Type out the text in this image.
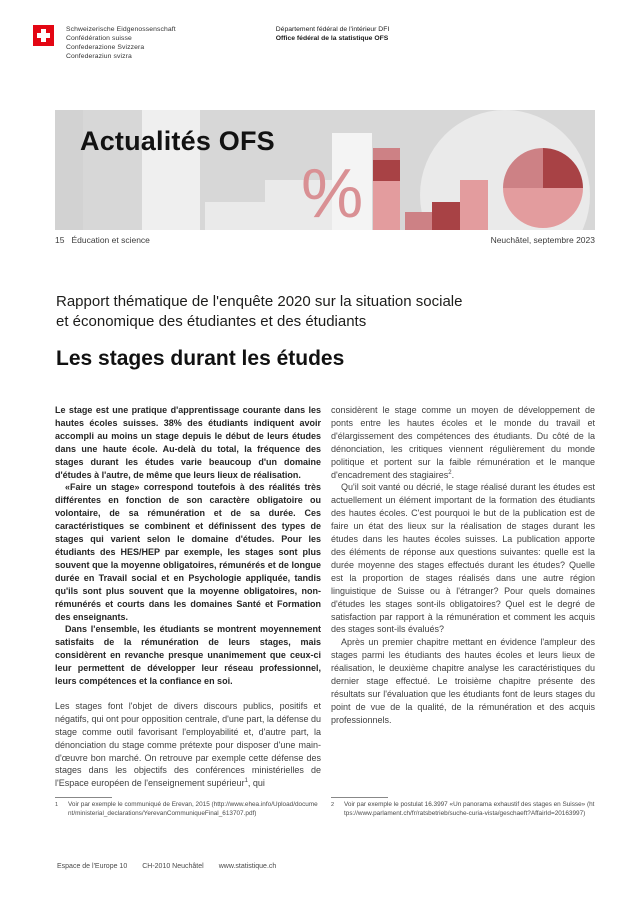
Schweizerische Eidgenossenschaft
Confédération suisse
Confederazione Svizzera
Confederaziun svizra
Département fédéral de l'intérieur DFI
Office fédéral de la statistique OFS
Actualités OFS
%
15 Éducation et science	Neuchâtel, septembre 2023
Rapport thématique de l'enquête 2020 sur la situation sociale
et économique des étudiantes et des étudiants
Les stages durant les études

Le stage est une pratique d'apprentissage courante dans les hautes écoles suisses. 38% des étudiants indiquent avoir accompli au moins un stage depuis le début de leurs études dans une haute école. Au-delà du total, la fréquence des stages durant les études varie beaucoup d'un domaine d'études à l'autre, de même que leurs lieux de réalisation.

«Faire un stage» correspond toutefois à des réalités très différentes en fonction de son caractère obligatoire ou volontaire, de sa rémunération et de sa durée. Ces caractéristiques se combinent et définissent des types de stages qui varient selon le domaine d'études. Pour les étudiants des HES/HEP par exemple, les stages sont plus souvent que la moyenne obligatoires, rémunérés et de longue durée en Travail social et en Psychologie appliquée, tandis qu'ils sont plus souvent que la moyenne obligatoires, non-rémunérés et courts dans les domaines Santé et Formation des enseignants.

Dans l'ensemble, les étudiants se montrent moyennement satisfaits de la rémunération de leurs stages, mais considèrent en revanche presque unanimement que ceux-ci leur permettent de développer leur réseau professionnel, leurs compétences et la confiance en soi.

Les stages font l'objet de divers discours publics, positifs et négatifs, qui ont pour opposition centrale, d'une part, la défense du stage comme outil favorisant l'employabilité et, d'autre part, la dénonciation du stage comme prétexte pour disposer d'une main-d'œuvre bon marché. On retrouve par exemple cette défense des stages dans les objectifs des conférences ministérielles de l'Espace européen de l'enseignement supérieur$^1$, qui

considèrent le stage comme un moyen de développement de ponts entre les hautes écoles et le monde du travail et d'élargissement des compétences des étudiants. Du côté de la dénonciation, les critiques viennent régulièrement du monde politique et portent sur la faible rémunération et le manque d'encadrement des stagiaires$^2$.

Qu'il soit vanté ou décrié, le stage réalisé durant les études est actuellement un élément important de la formation des étudiants des hautes écoles. C'est pourquoi le but de la publication est de faire un état des lieux sur la réalisation de stages durant les études dans les hautes écoles suisses. La publication apporte des éléments de réponse aux questions suivantes: quelle est la durée moyenne des stages effectués durant les études? Quelle est la proportion de stages réalisés dans une autre région linguistique de Suisse ou à l'étranger? Pour quels domaines d'études les stages sont-ils obligatoires? Quel est le degré de satisfaction par rapport à la rémunération et comment les acquis des stages sont-ils évalués?

Après un premier chapitre mettant en évidence l'ampleur des stages parmi les étudiants des hautes écoles et leurs lieux de réalisation, le deuxième chapitre analyse les caractéristiques du dernier stage effectué. Le troisième chapitre présente des résultats sur l'évaluation que les étudiants font de leurs stages du point de vue de la qualité, de la rémunération et des acquis professionnels.

1	Voir par exemple le communiqué de Erevan, 2015 (http://www.ehea.info/Upload/document/ministerial_declarations/YerevanCommuniqueFinal_613707.pdf)
2	Voir par exemple le postulat 16.3997 «Un panorama exhaustif des stages en Suisse» (https://www.parlament.ch/fr/ratsbetrieb/suche-curia-vista/geschaeft?AffairId=20163997)
Espace de l'Europe 10 CH-2010 Neuchâtel www.statistique.ch
